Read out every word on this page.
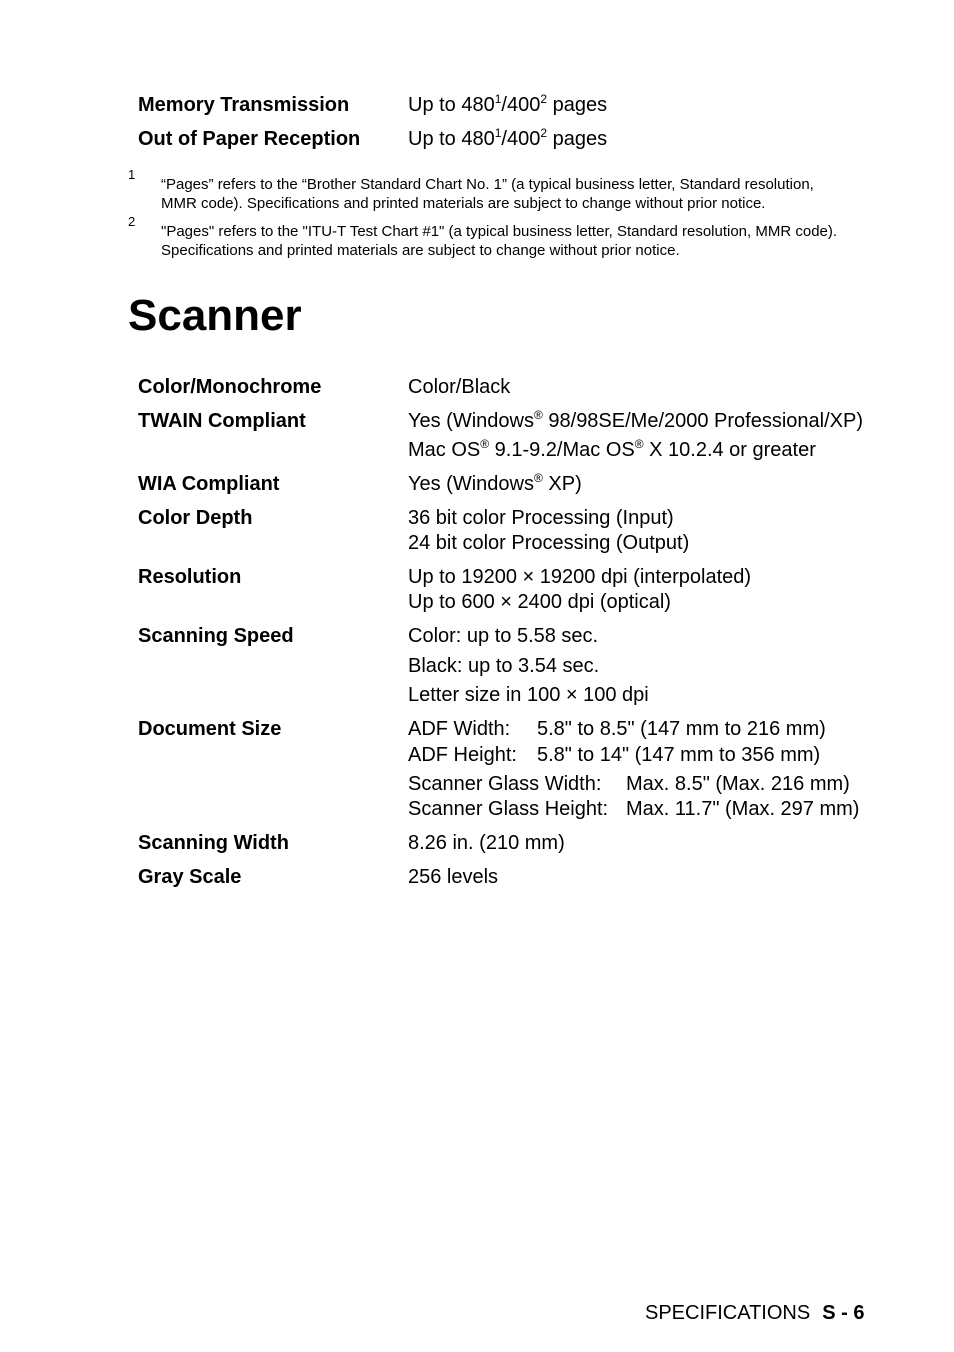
Memory Transmission	Up to $480^1/400^2$ pages
Out of Paper Reception Up to $480^1/400^2$ pages
1
“Pages” refers to the “Brother Standard Chart No. 1” (a typical business letter, Standard resolution,
MMR code). Specifications and printed materials are subject to change without prior notice.
2
"Pages" refers to the "ITU-T Test Chart #1" (a typical business letter, Standard resolution, MMR code).
Specifications and printed materials are subject to change without prior notice.
Scanner
Color/Monochrome	Color/Black
TWAIN Compliant	Yes (Windows® 98/98SE/Me/2000 Professional/XP)
Mac OS® 9.1-9.2/Mac OS® X 10.2.4 or greater
WIA Compliant	Yes (Windows® XP)
Color Depth	36 bit color Processing (Input)
24 bit color Processing (Output)
Resolution	Up to 19200 × 19200 dpi (interpolated)
Up to 600 × 2400 dpi (optical)
Scanning Speed	Color: up to 5.58 sec.
Black: up to 3.54 sec.
Letter size in 100 × 100 dpi
Document Size	ADF Width: 5.8" to 8.5" (147 mm to 216 mm)
ADF Height: 5.8" to 14" (147 mm to 356 mm)
Scanner Glass Width: Max. 8.5" (Max. 216 mm)
Scanner Glass Height: Max. 11.7" (Max. 297 mm)
Scanning Width	8.26 in. (210 mm)
Gray Scale	256 levels
SPECIFICATIONS S - 6
